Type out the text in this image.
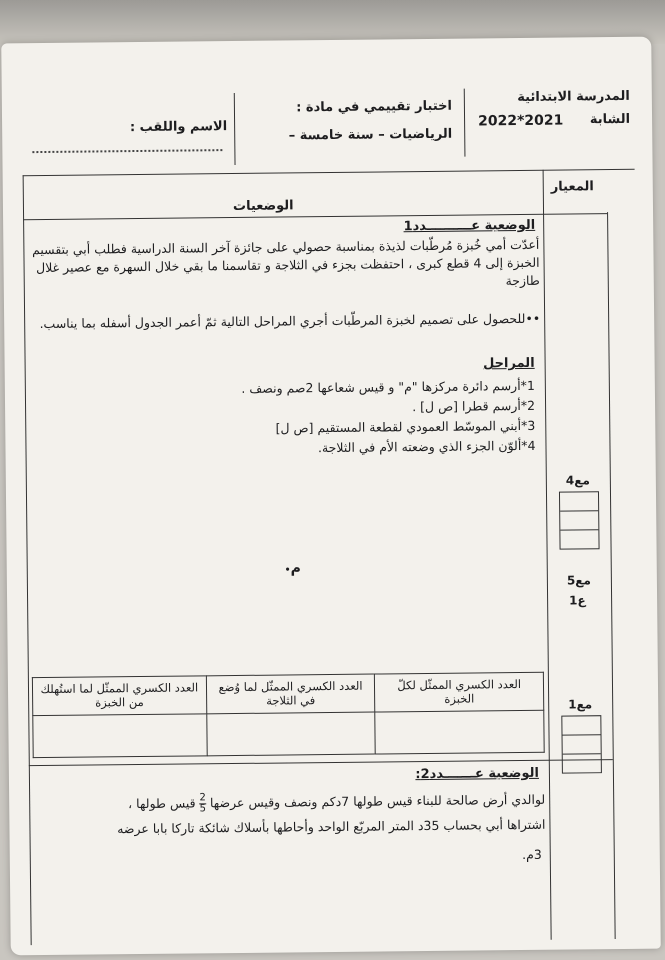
المدرسة الابتدائية
الشابة
2022*2021
اختبار تقييمي في مادة :
الرياضيات – سنة خامسة –
الاسم واللقب :
المعيار
الوضعيات
الوضعية عــــــــــدد1
أعدّت أمي خُبزة مُرطّبات لذيذة بمناسبة حصولي على جائزة آخر السنة الدراسية فطلب أبي بتقسيم الخبزة إلى 4 قطع كبرى ، احتفظت بجزء في الثلاجة و تقاسمنا ما بقي خلال السهرة مع عصير غلال طازجة
••للحصول على تصميم لخبزة المرطّبات أجري المراحل التالية ثمّ أعمر الجدول أسفله بما يناسب.
المراحل
1*أرسم دائرة مركزها "م" و قيس شعاعها 2صم ونصف .
2*أرسم قطرا [ص ل] .
3*أبني الموسّط العمودي لقطعة المستقيم [ص ل]
4*ألوّن الجزء الذي وضعته الأم في الثلاجة.
•م
مع4
مع5
ع1
مع1
العدد الكسري الممثّل لكلّ الخبزة	العدد الكسري الممثّل لما وُضع في الثلاجة	العدد الكسري الممثّل لما استُهلك من الخبزة

الوضعية عـــــــدد2:
لوالدي أرض صالحة للبناء قيس طولها 7دكم ونصف وقيس عرضها
$\frac{2}{5}$
قيس طولها ،
اشتراها أبي بحساب 35د المتر المربّع الواحد وأحاطها بأسلاك شائكة تاركا بابا عرضه
3م.
